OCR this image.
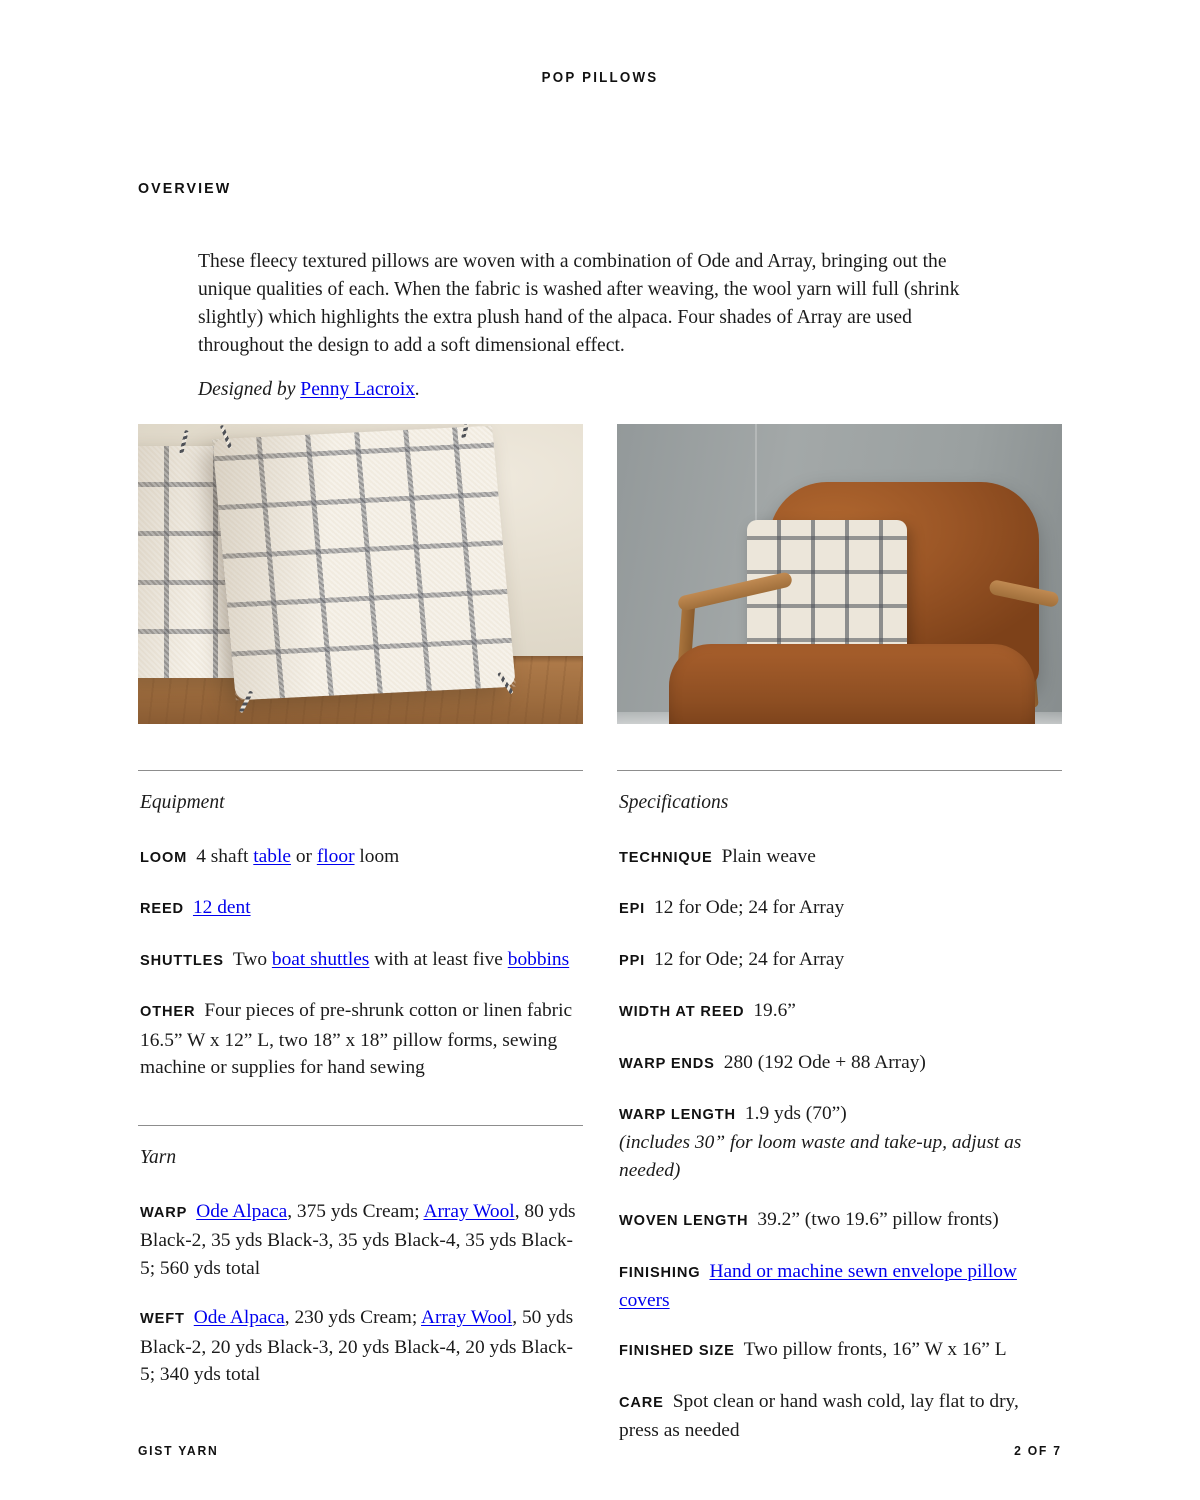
POP PILLOWS
OVERVIEW

These fleecy textured pillows are woven with a combination of Ode and Array, bringing out the unique qualities of each. When the fabric is washed after weaving, the wool yarn will full (shrink slightly) which highlights the extra plush hand of the alpaca. Four shades of Array are used throughout the design to add a soft dimensional effect.

Designed by Penny Lacroix.

Equipment

LOOM 4 shaft table or floor loom

REED 12 dent

SHUTTLES Two boat shuttles with at least five bobbins

OTHER Four pieces of pre-shrunk cotton or linen fabric 16.5” W x 12” L, two 18” x 18” pillow forms, sewing machine or supplies for hand sewing

Yarn

WARP Ode Alpaca, 375 yds Cream; Array Wool, 80 yds Black-2, 35 yds Black-3, 35 yds Black-4, 35 yds Black-5; 560 yds total

WEFT Ode Alpaca, 230 yds Cream; Array Wool, 50 yds Black-2, 20 yds Black-3, 20 yds Black-4, 20 yds Black-5; 340 yds total

Specifications

TECHNIQUE Plain weave

EPI 12 for Ode; 24 for Array

PPI 12 for Ode; 24 for Array

WIDTH AT REED 19.6”

WARP ENDS 280 (192 Ode + 88 Array)

WARP LENGTH 1.9 yds (70”)
(includes 30” for loom waste and take-up, adjust as needed)

WOVEN LENGTH 39.2” (two 19.6” pillow fronts)

FINISHING Hand or machine sewn envelope pillow covers

FINISHED SIZE Two pillow fronts, 16” W x 16” L

CARE Spot clean or hand wash cold, lay flat to dry, press as needed

GIST YARN	2 OF 7
